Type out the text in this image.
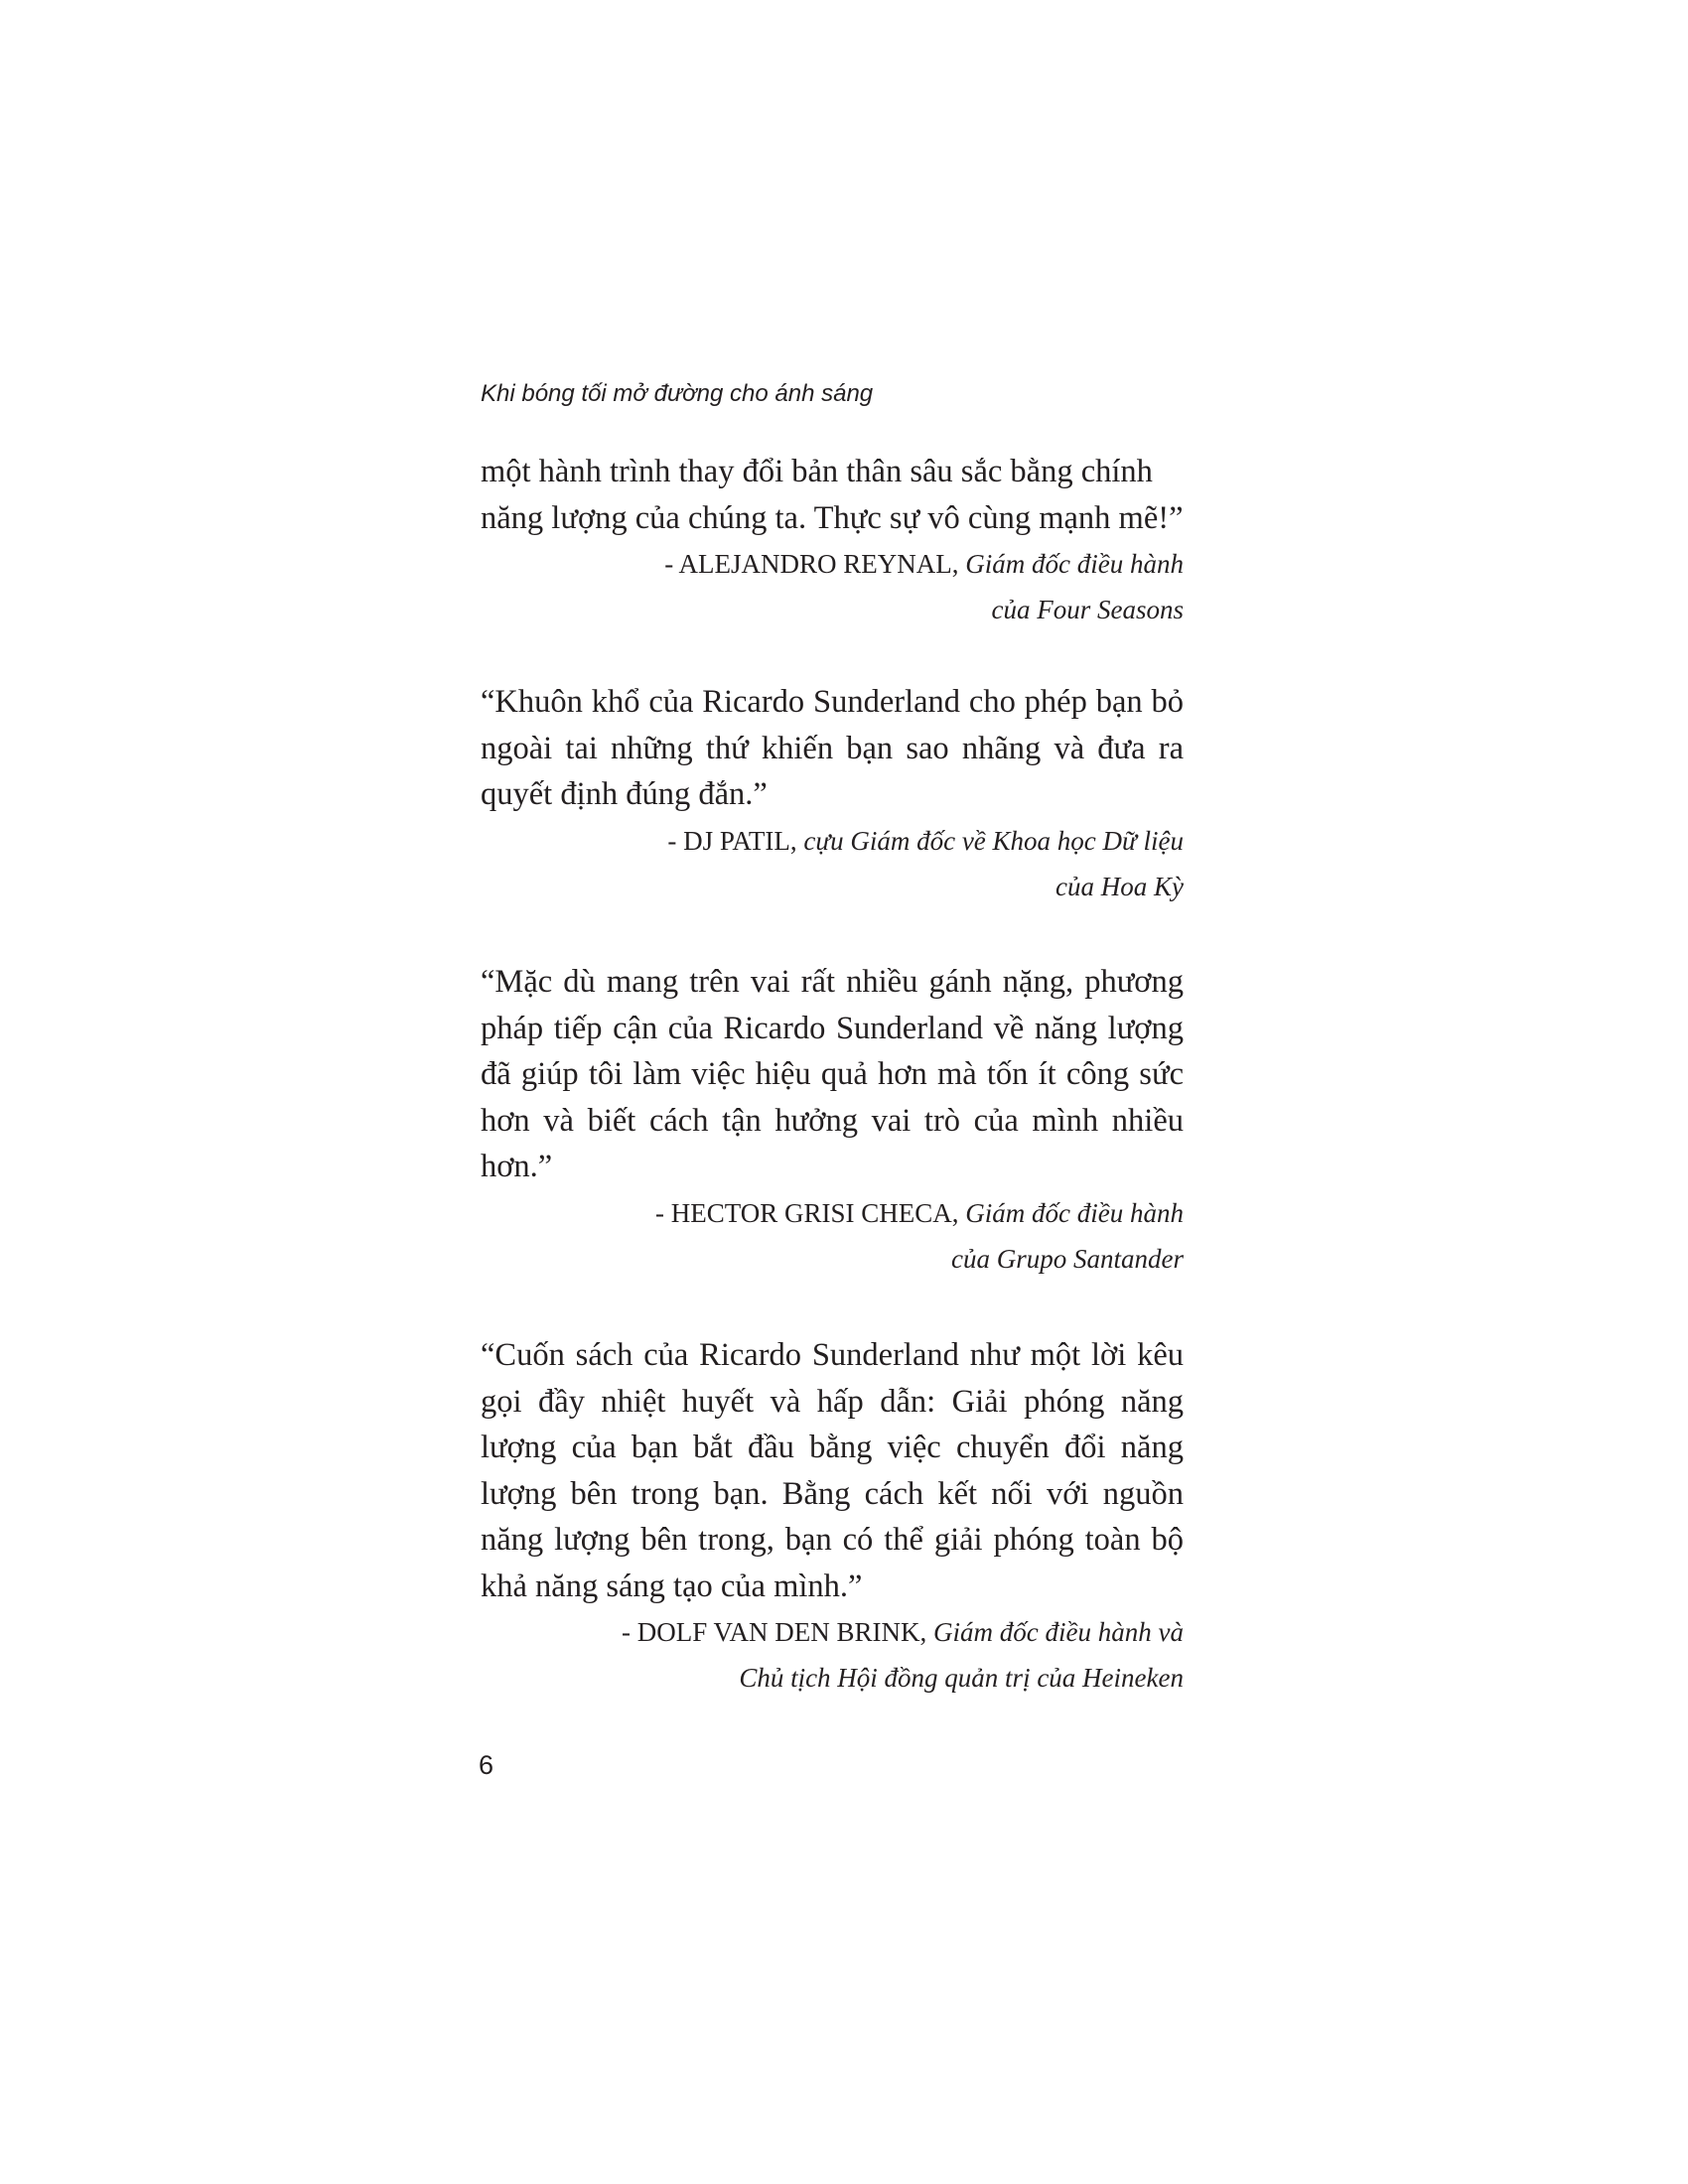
Khi bóng tối mở đường cho ánh sáng

một hành trình thay đổi bản thân sâu sắc bằng chính năng lượng của chúng ta. Thực sự vô cùng mạnh mẽ!”

- ALEJANDRO REYNAL, Giám đốc điều hành
của Four Seasons

“Khuôn khổ của Ricardo Sunderland cho phép bạn bỏ ngoài tai những thứ khiến bạn sao nhãng và đưa ra quyết định đúng đắn.”

- DJ PATIL, cựu Giám đốc về Khoa học Dữ liệu
của Hoa Kỳ

“Mặc dù mang trên vai rất nhiều gánh nặng, phương pháp tiếp cận của Ricardo Sunderland về năng lượng đã giúp tôi làm việc hiệu quả hơn mà tốn ít công sức hơn và biết cách tận hưởng vai trò của mình nhiều hơn.”

- HECTOR GRISI CHECA, Giám đốc điều hành
của Grupo Santander

“Cuốn sách của Ricardo Sunderland như một lời kêu gọi đầy nhiệt huyết và hấp dẫn: Giải phóng năng lượng của bạn bắt đầu bằng việc chuyển đổi năng lượng bên trong bạn. Bằng cách kết nối với nguồn năng lượng bên trong, bạn có thể giải phóng toàn bộ khả năng sáng tạo của mình.”

- DOLF VAN DEN BRINK, Giám đốc điều hành và
Chủ tịch Hội đồng quản trị của Heineken
6
